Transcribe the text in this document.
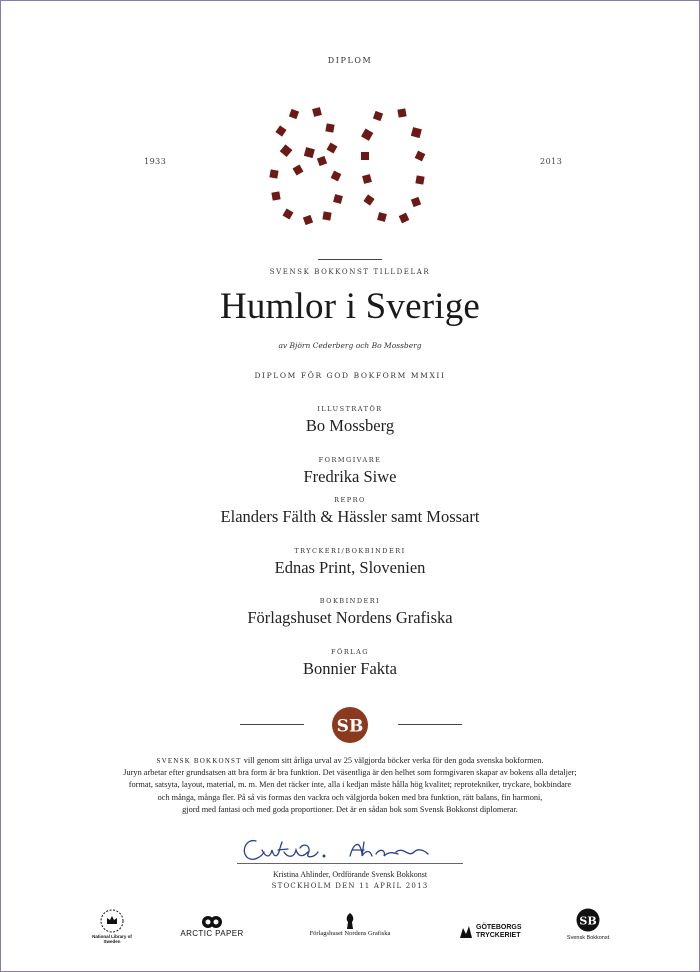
DIPLOM
1933	2013
SVENSK BOKKONST TILLDELAR
Humlor i Sverige
av Björn Cederberg och Bo Mossberg
DIPLOM FÖR GOD BOKFORM MMXII
ILLUSTRATÖR
Bo Mossberg
FORMGIVARE
Fredrika Siwe
REPRO
Elanders Fälth & Hässler samt Mossart
TRYCKERI/BOKBINDERI
Ednas Print, Slovenien
BOKBINDERI
Förlagshuset Nordens Grafiska
FÖRLAG
Bonnier Fakta
SB
SVENSK BOKKONST vill genom sitt årliga urval av 25 välgjorda böcker verka för den goda svenska bokformen.
Juryn arbetar efter grundsatsen att bra form är bra funktion. Det väsentliga är den helhet som formgivaren skapar av bokens alla detaljer;
format, satsyta, layout, material, m. m. Men det räcker inte, alla i kedjan måste hålla hög kvalitet; reprotekniker, tryckare, bokbindare
och många, många fler. På så vis formas den vackra och välgjorda boken med bra funktion, rätt balans, fin harmoni,
gjord med fantasi och med goda proportioner. Det är en sådan bok som Svensk Bokkonst diplomerar.
Kristina Ahlinder, Ordförande Svensk Bokkonst
STOCKHOLM DEN 11 APRIL 2013
National Library of Sweden
ARCTIC PAPER	Förlagshuset Nordens Grafiska
GÖTEBORGS
TRYCKERIET
SB
Svensk Bokkonst
